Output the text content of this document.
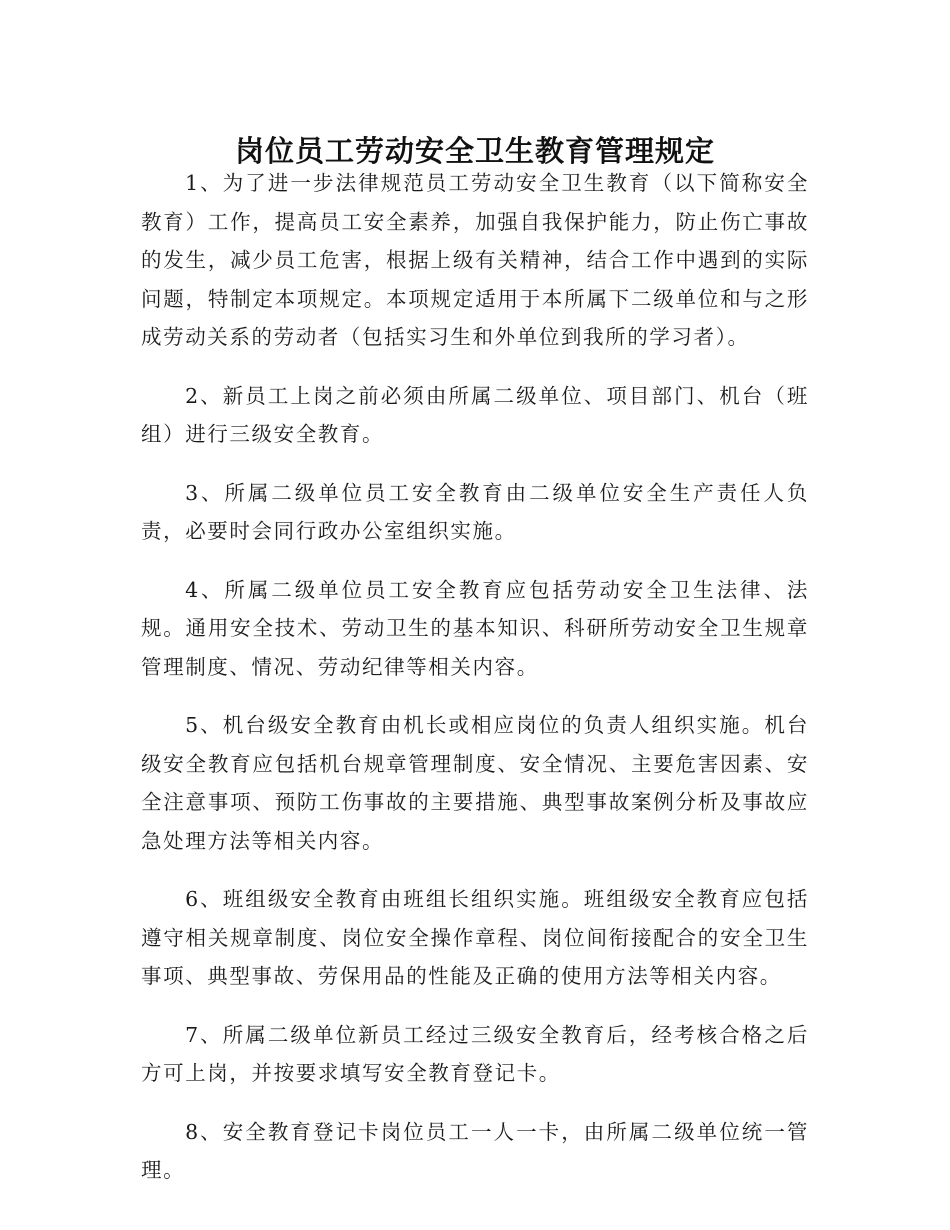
岗位员工劳动安全卫生教育管理规定

1、为了进一步法律规范员工劳动安全卫生教育（以下简称安全教育）工作，提高员工安全素养，加强自我保护能力，防止伤亡事故的发生，减少员工危害，根据上级有关精神，结合工作中遇到的实际问题，特制定本项规定。本项规定适用于本所属下二级单位和与之形成劳动关系的劳动者（包括实习生和外单位到我所的学习者）。

2、新员工上岗之前必须由所属二级单位、项目部门、机台（班组）进行三级安全教育。

3、所属二级单位员工安全教育由二级单位安全生产责任人负责，必要时会同行政办公室组织实施。

4、所属二级单位员工安全教育应包括劳动安全卫生法律、法规。通用安全技术、劳动卫生的基本知识、科研所劳动安全卫生规章管理制度、情况、劳动纪律等相关内容。

5、机台级安全教育由机长或相应岗位的负责人组织实施。机台级安全教育应包括机台规章管理制度、安全情况、主要危害因素、安全注意事项、预防工伤事故的主要措施、典型事故案例分析及事故应急处理方法等相关内容。

6、班组级安全教育由班组长组织实施。班组级安全教育应包括遵守相关规章制度、岗位安全操作章程、岗位间衔接配合的安全卫生事项、典型事故、劳保用品的性能及正确的使用方法等相关内容。

7、所属二级单位新员工经过三级安全教育后，经考核合格之后方可上岗，并按要求填写安全教育登记卡。

8、安全教育登记卡岗位员工一人一卡，由所属二级单位统一管理。
